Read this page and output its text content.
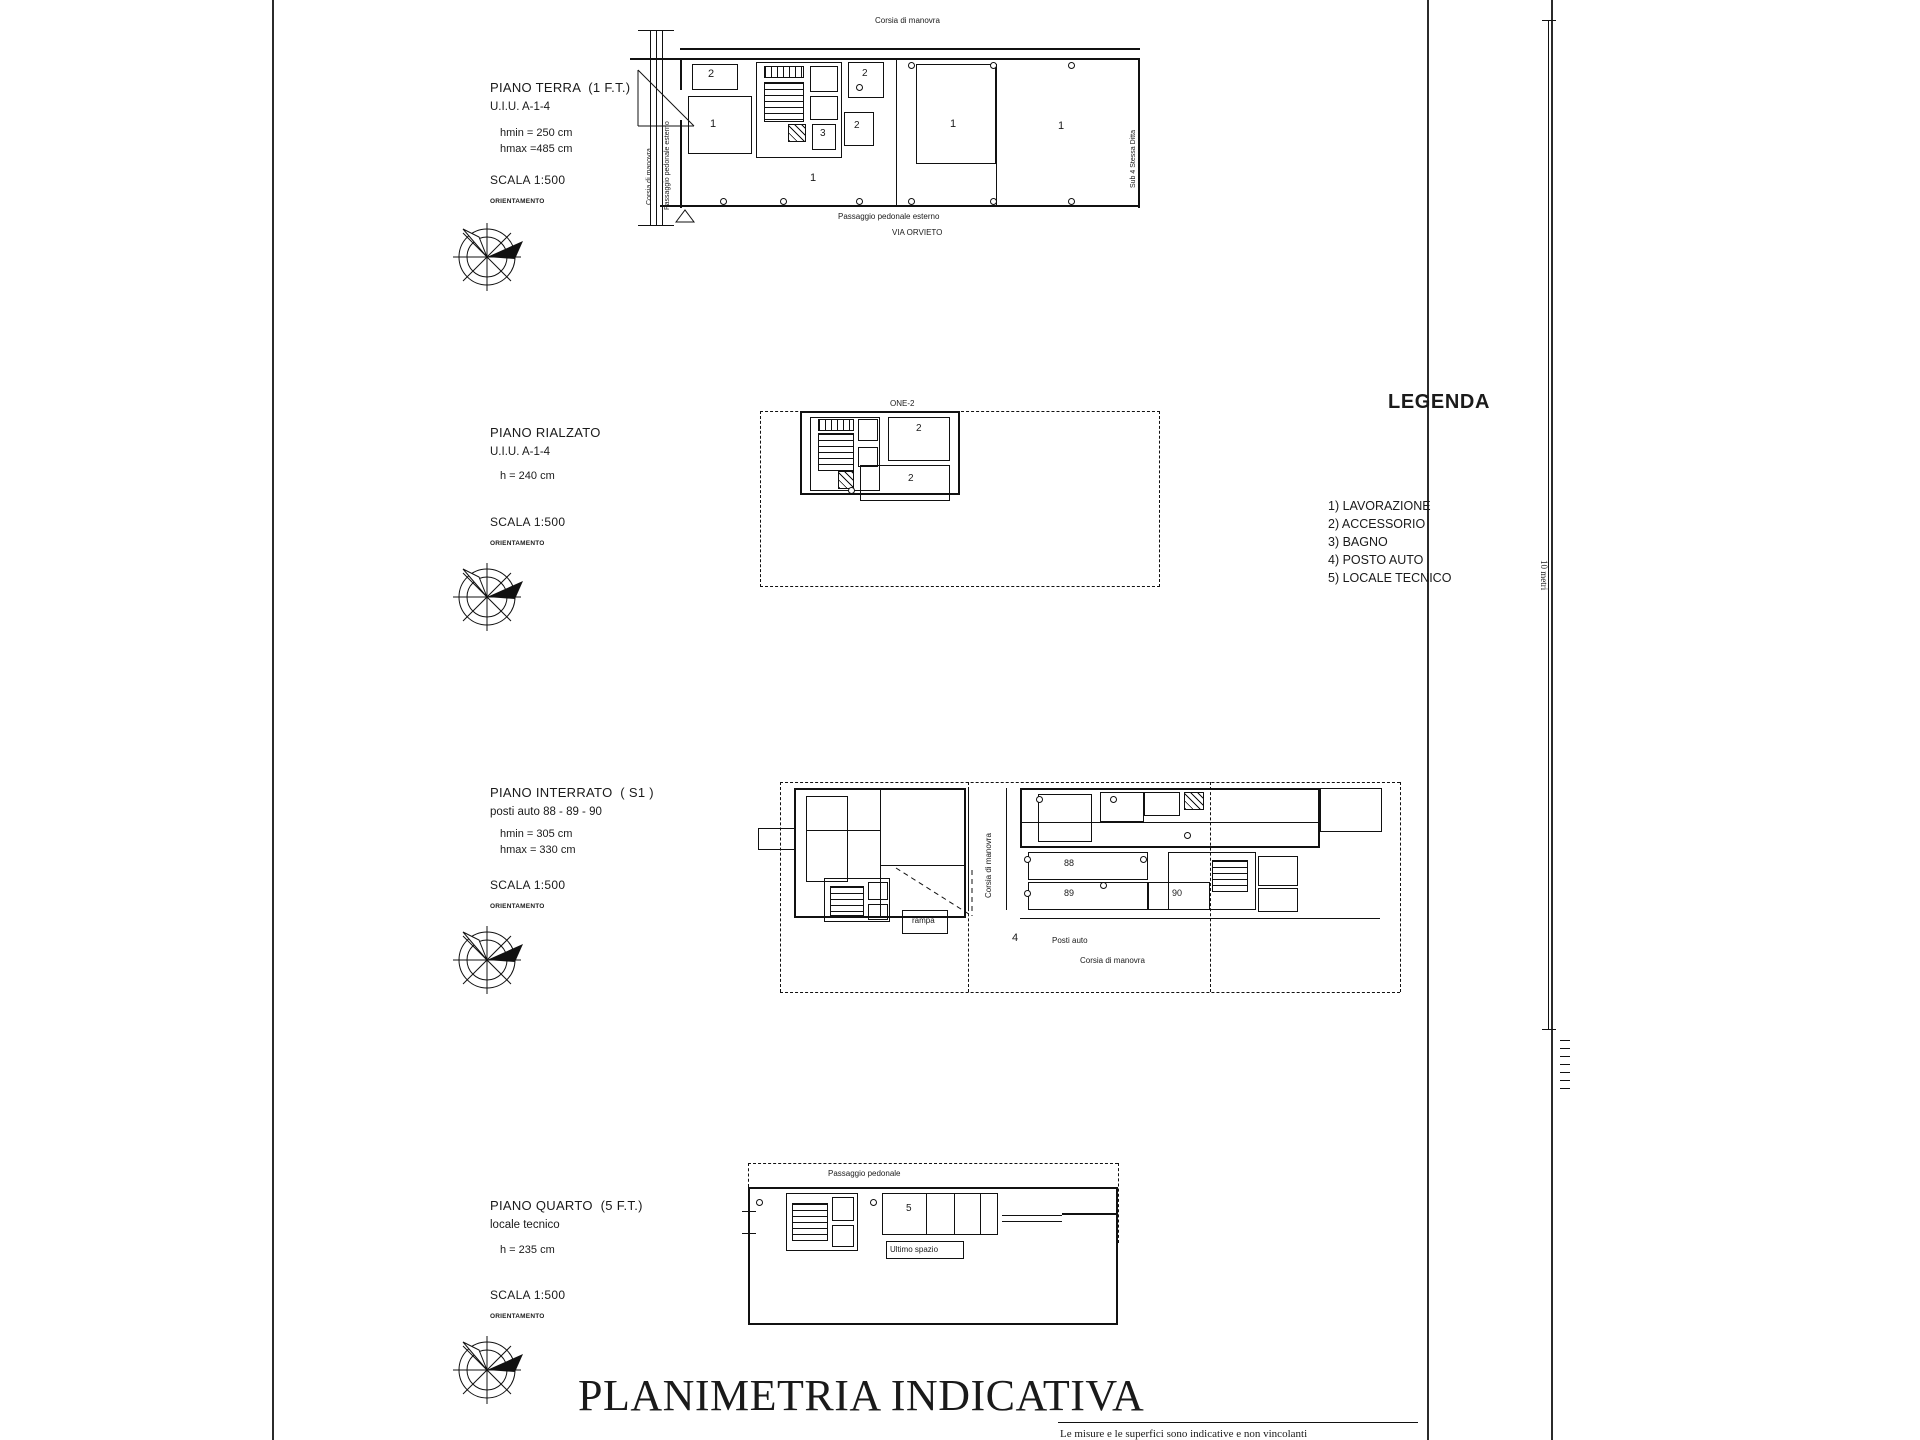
10 metri
PIANO TERRA  (1 F.T.)
U.I.U. A-1-4
hmin = 250 cm
hmax =485 cm
SCALA 1:500
ORIENTAMENTO
Corsia di manovra
Corsia di manovra Passaggio pedonale esterno
2
1
3
2
2
1
1	1
Sub 4 Stessa Ditta
Passaggio pedonale esterno
VIA ORVIETO
PIANO RIALZATO
U.I.U. A-1-4
h = 240 cm
SCALA 1:500
ORIENTAMENTO
2
ONE-2
2
PIANO INTERRATO  ( S1 )
posti auto 88 - 89 - 90
hmin = 305 cm
hmax = 330 cm
SCALA 1:500
ORIENTAMENTO
rampa
Corsia di manovra	88
89	90
4	Posti auto
Corsia di manovra
PIANO QUARTO  (5 F.T.)
locale tecnico
h = 235 cm
SCALA 1:500
ORIENTAMENTO
Passaggio pedonale
5
Ultimo spazio
LEGENDA
1) LAVORAZIONE
2) ACCESSORIO
3) BAGNO
4) POSTO AUTO
5) LOCALE TECNICO
PLANIMETRIA INDICATIVA
Le misure e le superfici sono indicative e non vincolanti
